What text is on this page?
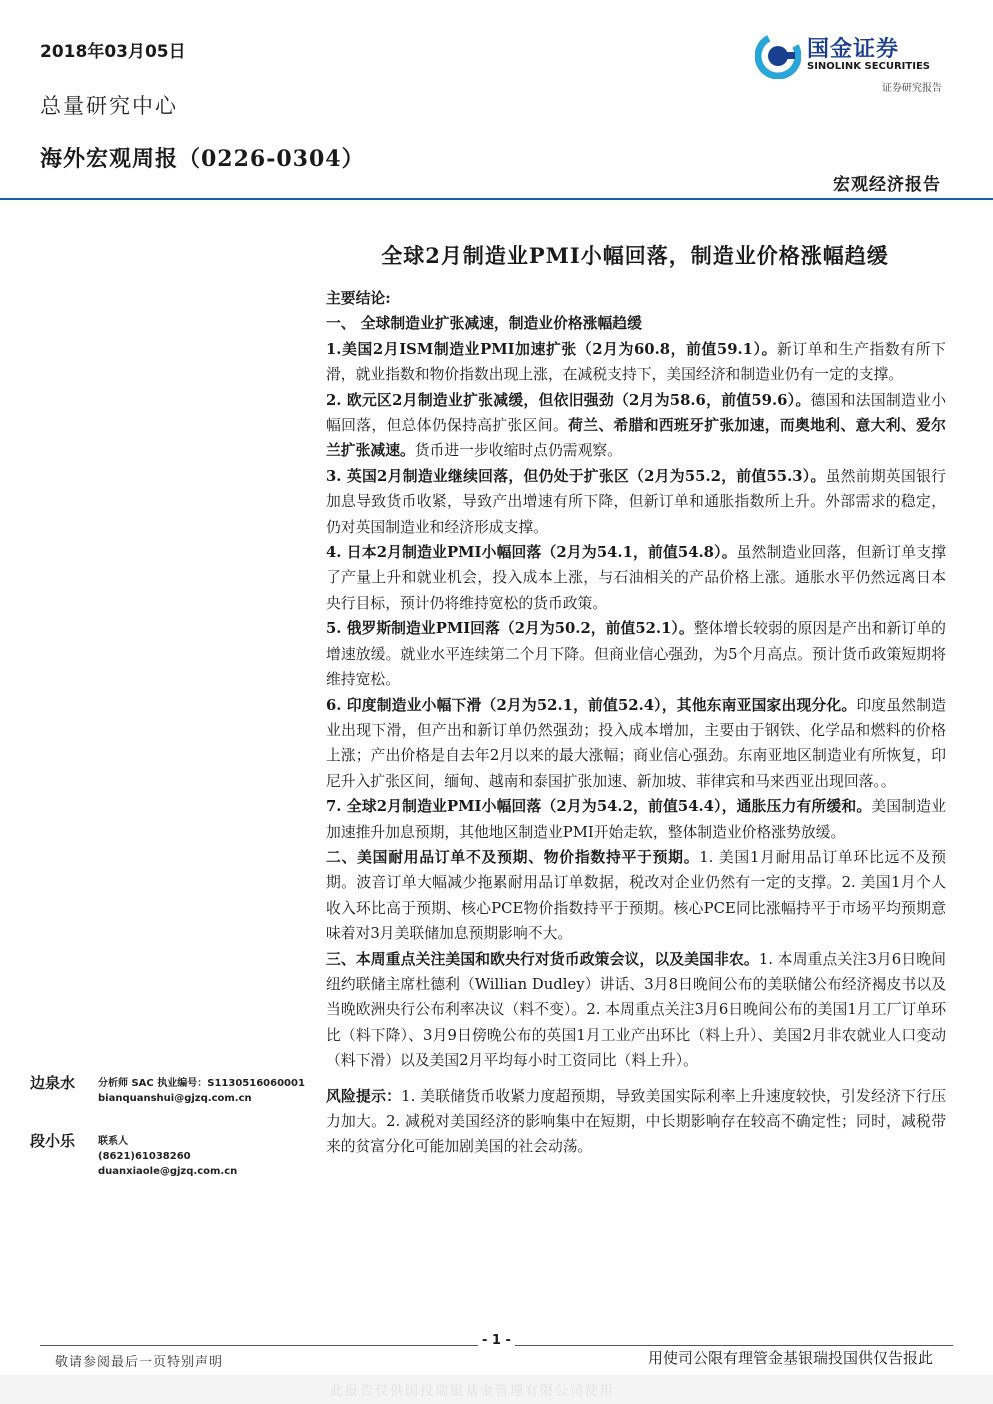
2018年03月05日
总量研究中心
海外宏观周报（0226-0304）
国金证券
SINOLINK SECURITIES
证券研究报告
宏观经济报告
全球2月制造业PMI小幅回落，制造业价格涨幅趋缓

主要结论:

一、 全球制造业扩张减速，制造业价格涨幅趋缓

1.美国2月ISM制造业PMI加速扩张（2月为60.8，前值59.1）。新订单和生产指数有所下滑，就业指数和物价指数出现上涨，在减税支持下，美国经济和制造业仍有一定的支撑。

2. 欧元区2月制造业扩张减缓，但依旧强劲（2月为58.6，前值59.6）。德国和法国制造业小幅回落，但总体仍保持高扩张区间。荷兰、希腊和西班牙扩张加速，而奥地利、意大利、爱尔兰扩张减速。货币进一步收缩时点仍需观察。

3. 英国2月制造业继续回落，但仍处于扩张区（2月为55.2，前值55.3）。虽然前期英国银行加息导致货币收紧，导致产出增速有所下降，但新订单和通胀指数所上升。外部需求的稳定，仍对英国制造业和经济形成支撑。

4. 日本2月制造业PMI小幅回落（2月为54.1，前值54.8）。虽然制造业回落，但新订单支撑了产量上升和就业机会，投入成本上涨，与石油相关的产品价格上涨。通胀水平仍然远离日本央行目标，预计仍将维持宽松的货币政策。

5. 俄罗斯制造业PMI回落（2月为50.2，前值52.1）。整体增长较弱的原因是产出和新订单的增速放缓。就业水平连续第二个月下降。但商业信心强劲，为5个月高点。预计货币政策短期将维持宽松。

6. 印度制造业小幅下滑（2月为52.1，前值52.4），其他东南亚国家出现分化。印度虽然制造业出现下滑，但产出和新订单仍然强劲；投入成本增加，主要由于钢铁、化学品和燃料的价格上涨；产出价格是自去年2月以来的最大涨幅；商业信心强劲。东南亚地区制造业有所恢复，印尼升入扩张区间，缅甸、越南和泰国扩张加速、新加坡、菲律宾和马来西亚出现回落。。

7. 全球2月制造业PMI小幅回落（2月为54.2，前值54.4），通胀压力有所缓和。美国制造业加速推升加息预期，其他地区制造业PMI开始走软，整体制造业价格涨势放缓。

二、美国耐用品订单不及预期、物价指数持平于预期。1. 美国1月耐用品订单环比远不及预期。波音订单大幅减少拖累耐用品订单数据，税改对企业仍然有一定的支撑。2. 美国1月个人收入环比高于预期、核心PCE物价指数持平于预期。核心PCE同比涨幅持平于市场平均预期意味着对3月美联储加息预期影响不大。

三、本周重点关注美国和欧央行对货币政策会议，以及美国非农。1. 本周重点关注3月6日晚间纽约联储主席杜德利（Willian Dudley）讲话、3月8日晚间公布的美联储公布经济褐皮书以及当晚欧洲央行公布利率决议（料不变）。2. 本周重点关注3月6日晚间公布的美国1月工厂订单环比（料下降）、3月9日傍晚公布的英国1月工业产出环比（料上升）、美国2月非农就业人口变动（料下滑）以及美国2月平均每小时工资同比（料上升）。

风险提示：1. 美联储货币收紧力度超预期，导致美国实际利率上升速度较快，引发经济下行压力加大。2. 减税对美国经济的影响集中在短期，中长期影响存在较高不确定性；同时，减税带来的贫富分化可能加剧美国的社会动荡。

边泉水 分析师 SAC 执业编号：S1130516060001
bianquanshui@gjzq.com.cn
段小乐 联系人
(8621)61038260
duanxiaole@gjzq.com.cn
- 1 -
敬请参阅最后一页特别声明	用使司公限有理管金基银瑞投国供仅告报此
此报告仅供国投瑞银基金管理有限公司使用
